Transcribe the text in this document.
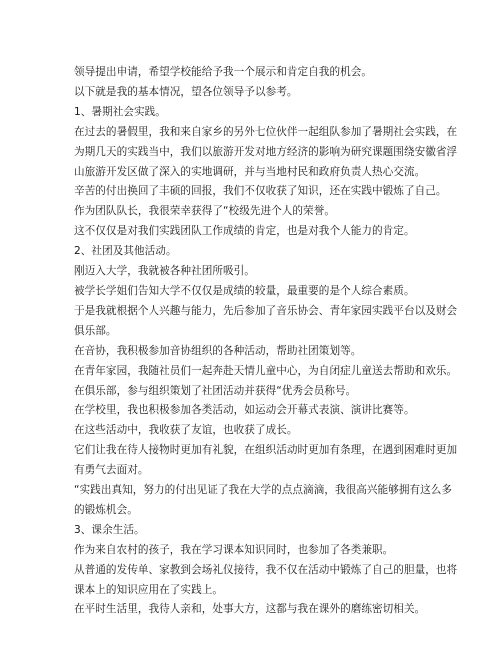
领导提出申请，希望学校能给予我一个展示和肯定自我的机会。

以下就是我的基本情况，望各位领导予以参考。

1、暑期社会实践。

在过去的暑假里，我和来自家乡的另外七位伙伴一起组队参加了暑期社会实践，在
为期几天的实践当中，我们以旅游开发对地方经济的影响为研究课题围绕安徽省浮
山旅游开发区做了深入的实地调研，并与当地村民和政府负责人热心交流。

辛苦的付出换回了丰硕的回报，我们不仅收获了知识，还在实践中锻炼了自己。

作为团队队长，我很荣幸获得了“校级先进个人的荣誉。

这不仅仅是对我们实践团队工作成绩的肯定，也是对我个人能力的肯定。

2、社团及其他活动。

刚迈入大学，我就被各种社团所吸引。

被学长学姐们告知大学不仅仅是成绩的较量，最重要的是个人综合素质。

于是我就根据个人兴趣与能力，先后参加了音乐协会、青年家园实践平台以及财会
俱乐部。

在音协，我积极参加音协组织的各种活动，帮助社团策划等。

在青年家园，我随社员们一起奔赴天情儿童中心，为自闭症儿童送去帮助和欢乐。

在俱乐部，参与组织策划了社团活动并获得“优秀会员称号。

在学校里，我也积极参加各类活动，如运动会开幕式表演、演讲比赛等。

在这些活动中，我收获了友谊，也收获了成长。

它们让我在待人接物时更加有礼貌，在组织活动时更加有条理，在遇到困难时更加
有勇气去面对。

“实践出真知，努力的付出见证了我在大学的点点滴滴，我很高兴能够拥有这么多
的锻炼机会。

3、课余生活。

作为来自农村的孩子，我在学习课本知识同时，也参加了各类兼职。

从普通的发传单、家教到会场礼仪接待，我不仅在活动中锻炼了自己的胆量，也将
课本上的知识应用在了实践上。

在平时生活里，我待人亲和，处事大方，这都与我在课外的磨练密切相关。
